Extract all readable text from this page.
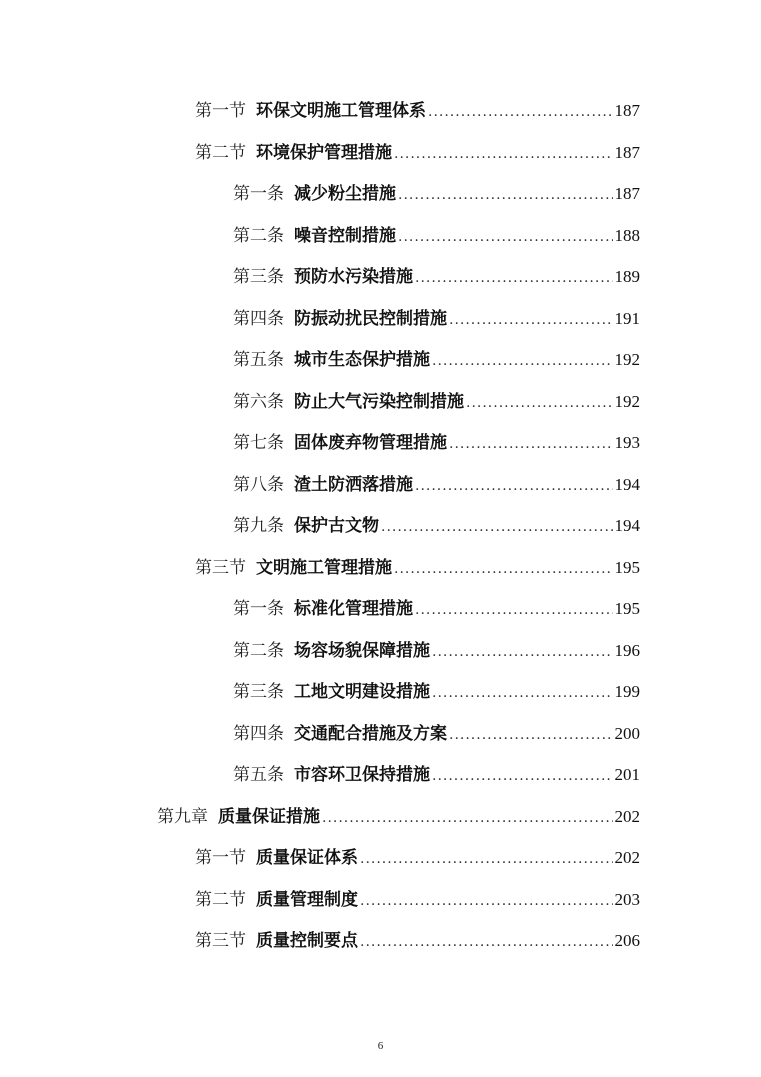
第一节 环保文明施工管理体系 .....	187
第二节 环境保护管理措施 .....	187
第一条 减少粉尘措施 .....	187
第二条 噪音控制措施 .....	188
第三条 预防水污染措施 .....	189
第四条 防振动扰民控制措施 .....	191
第五条 城市生态保护措施 .....	192
第六条 防止大气污染控制措施 .....	192
第七条 固体废弃物管理措施 .....	193
第八条 渣土防洒落措施 .....	194
第九条 保护古文物 .....	194
第三节 文明施工管理措施 .....	195
第一条 标准化管理措施 .....	195
第二条 场容场貌保障措施 .....	196
第三条 工地文明建设措施 .....	199
第四条 交通配合措施及方案 .....	200
第五条 市容环卫保持措施 .....	201
第九章 质量保证措施 .....	202
第一节 质量保证体系 .....	202
第二节 质量管理制度 .....	203
第三节 质量控制要点 .....	206
6
